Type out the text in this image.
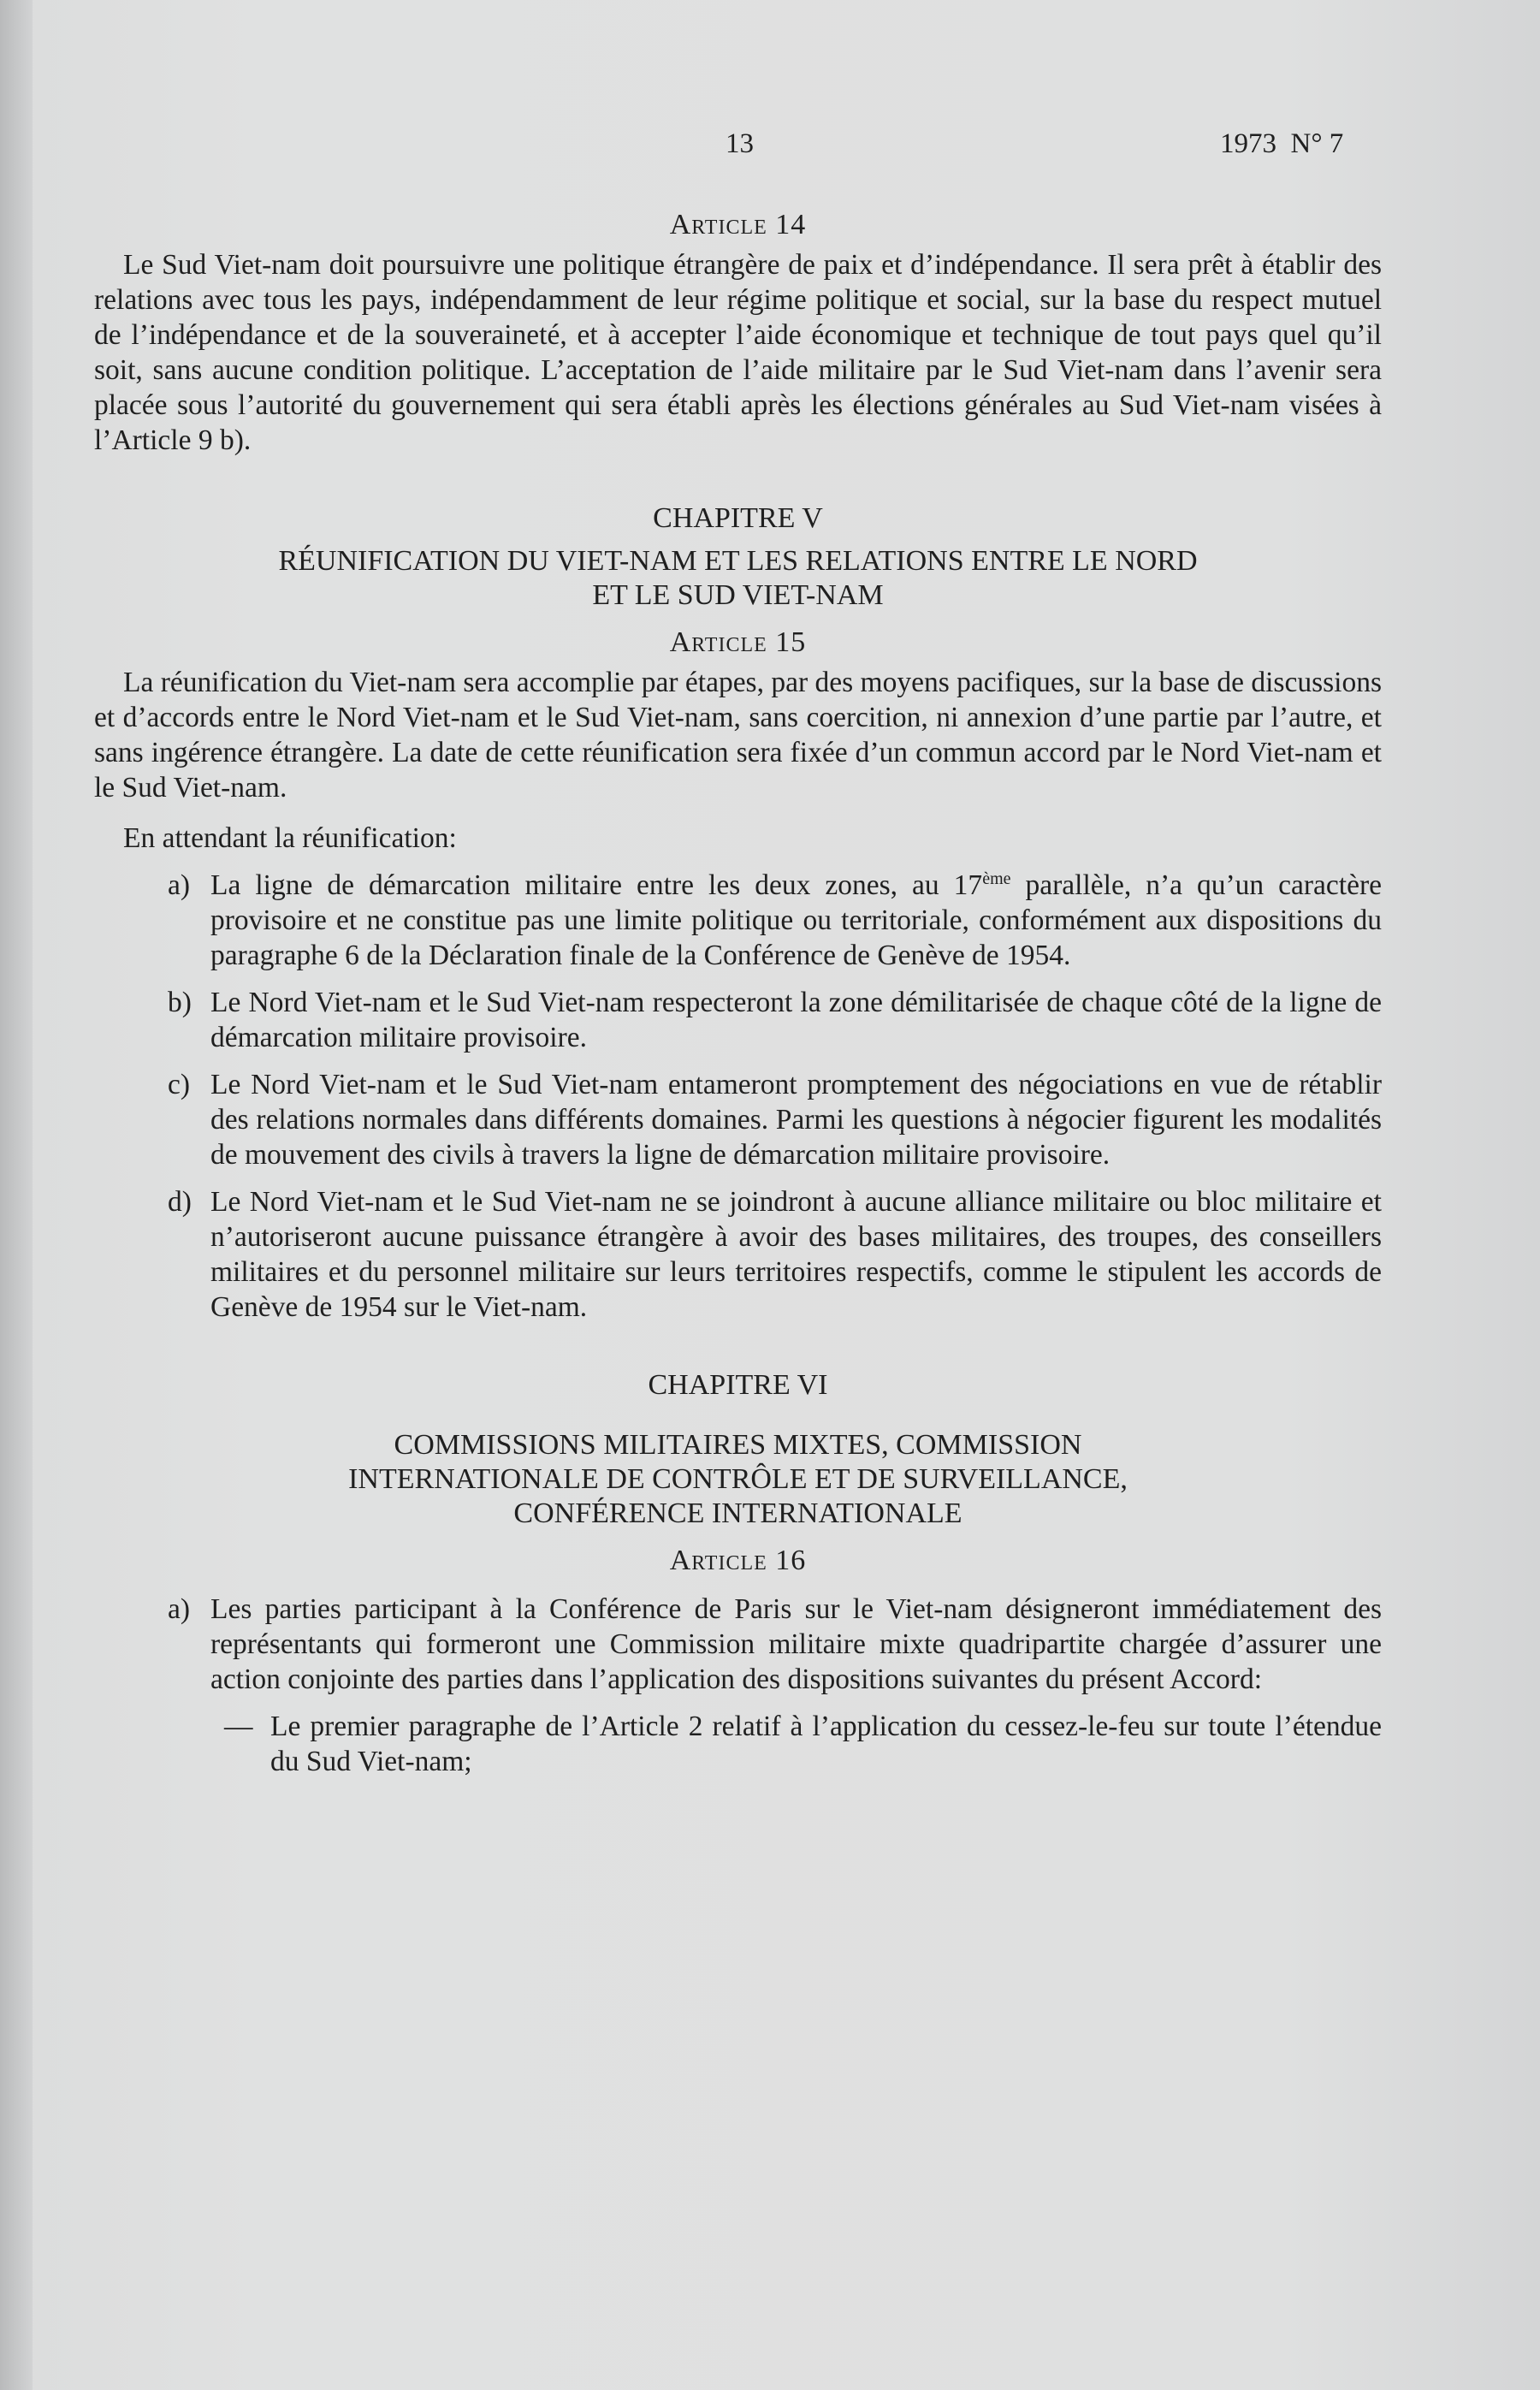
13	1973  N° 7
Article 14

Le Sud Viet-nam doit poursuivre une politique étrangère de paix et d’indépendance. Il sera prêt à établir des relations avec tous les pays, indépendamment de leur régime politique et social, sur la base du respect mutuel de l’indépendance et de la souveraineté, et à accepter l’aide économique et technique de tout pays quel qu’il soit, sans aucune condition politique. L’acceptation de l’aide militaire par le Sud Viet-nam dans l’avenir sera placée sous l’autorité du gouvernement qui sera établi après les élections générales au Sud Viet-nam visées à l’Article 9 b).

CHAPITRE V
RÉUNIFICATION DU VIET-NAM ET LES RELATIONS ENTRE LE NORD
ET LE SUD VIET-NAM
Article 15

La réunification du Viet-nam sera accomplie par étapes, par des moyens pacifiques, sur la base de discussions et d’accords entre le Nord Viet-nam et le Sud Viet-nam, sans coercition, ni annexion d’une partie par l’autre, et sans ingérence étrangère. La date de cette réunification sera fixée d’un commun accord par le Nord Viet-nam et le Sud Viet-nam.

En attendant la réunification:

a) La ligne de démarcation militaire entre les deux zones, au 17ème parallèle, n’a qu’un caractère provisoire et ne constitue pas une limite politique ou territoriale, conformément aux dispositions du paragraphe 6 de la Déclaration finale de la Conférence de Genève de 1954.
b) Le Nord Viet-nam et le Sud Viet-nam respecteront la zone démilitarisée de chaque côté de la ligne de démarcation militaire provisoire.
c) Le Nord Viet-nam et le Sud Viet-nam entameront promptement des négociations en vue de rétablir des relations normales dans différents domaines. Parmi les questions à négocier figurent les modalités de mouvement des civils à travers la ligne de démarcation militaire provisoire.
d) Le Nord Viet-nam et le Sud Viet-nam ne se joindront à aucune alliance militaire ou bloc militaire et n’autoriseront aucune puissance étrangère à avoir des bases militaires, des troupes, des conseillers militaires et du personnel militaire sur leurs territoires respectifs, comme le stipulent les accords de Genève de 1954 sur le Viet-nam.
CHAPITRE VI
COMMISSIONS MILITAIRES MIXTES, COMMISSION
INTERNATIONALE DE CONTRÔLE ET DE SURVEILLANCE,
CONFÉRENCE INTERNATIONALE
Article 16
a) Les parties participant à la Conférence de Paris sur le Viet-nam désigneront immédiatement des représentants qui formeront une Commission militaire mixte quadripartite chargée d’assurer une action conjointe des parties dans l’application des dispositions suivantes du présent Accord:
— Le premier paragraphe de l’Article 2 relatif à l’application du cessez-le-feu sur toute l’étendue du Sud Viet-nam;
